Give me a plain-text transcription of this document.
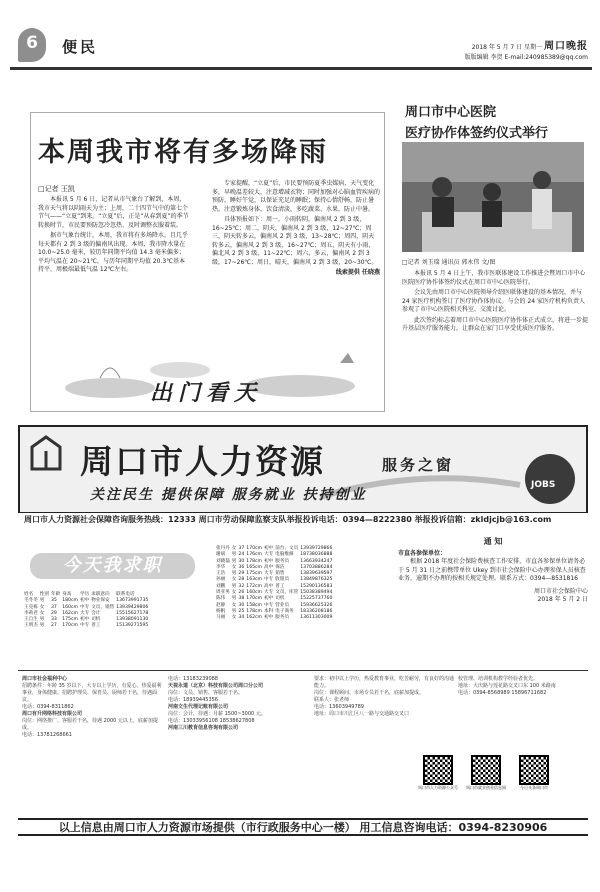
6	便民	2018 年 5 月 7 日 星期一 周口晚报
版版编辑 李贺 E-mail:240985389@qq.com
本周我市将有多场降雨
□记者 王凯

本报讯 5 月 6 日，记者从市气象台了解到，本周，我市天气将以阴雨天为主；上周，二十四节气中的第七个节气——“立夏”到来。“立夏”后，正是“从春到夏”的季节转换时节，市民要预防忽冷忽热、及时调整衣服着装。

据市气象台统计，本周，我市将有多场降水，且几乎每天都有 2 到 3 级的偏南风出现。本周，我市降水量在 10.0~25.0 毫米，较历年同期平均值 14.3 毫米偏多；平均气温在 20~21℃，与历年同期平均值 20.3℃基本持平，周极端最低气温 12℃左右。

专家提醒，“立夏”后，市民要预防夏季虫媒病，天气变化多，早晚温差较大，注意增减衣物；同时加强对心脑血管疾病的预防，睡好午觉，以保证充足的睡眠；保持心情舒畅，防止暑热，注意锻炼身体，饮食清淡，多吃蔬菜、水果，防止中暑。

具体预报如下：周一，小雨转阴，偏南风 2 到 3 级，16~25℃；周二，阴天，偏南风 2 到 3 级，12~27℃；周三，阴天转多云，偏南风 2 到 3 级，13~28℃；周四，阴天转多云，偏南风 2 到 3 级，16~27℃；周五，阴天有小雨，偏北风 2 到 3 级，11~22℃；周六，多云，偏南风 2 到 3 级，17~26℃；周日，晴天，偏南风 2 到 3 级，20~30℃。

线索提供 任晓燕

出门看天
周口市中心医院
医疗协作体签约仪式举行
□记者 刘玉瑞 通讯员 郭永伟 文/图

本报讯 5 月 4 日上午，我市医联体建设工作推进会暨周口市中心医院医疗协作体签约仪式在周口市中心医院举行。

会议先由周口市中心医院领导介绍医联体建设的基本情况，并与 24 家医疗机构签订了医疗协作体协议。与会的 24 家医疗机构负责人参观了市中心医院相关科室，交流讨论。

此次签约标志着周口市中心医院医疗协作体正式成立，将进一步提升基层医疗服务能力，让群众在家门口享受优质医疗服务。

周口市人力资源	服务之窗
关注民生 提供保障 服务就业 扶持创业
JOBS
周口市人力资源社会保障咨询服务热线：12333 周口市劳动保障监察支队举报投诉电话：0394—8222380 举报投诉信箱：zkldjcjb@163.com
今天我求职
姓名	性别	年龄	身高	学历	求职意向	联系电话
毛冬冬	男	35	180cm	初中	物业保安	13673991735
王克栋	女	37	160cm	中专	文员、销售	13939429806
李莉君	女	29	162cm	大专	会计	15515627178
王自生	男	33	175cm	初中	司机	13938091130
王明杰	男	27	170cm	中专	普工	15139271595
张丹丹	女	37	170cm	初中	前台、文员	13939729866
谢斌	男	24	176cm	大专	电脑维修	18738036888
刘晓磊	男	30	178cm	初中	服务员	13663934247
李华	女	36	165cm	高中	保洁	13703886284
王浩	男	29	175cm	大专	销售	13839639597
孙丽	女	28	163cm	中专	收银员	13849876325
刘鹏	男	32	172cm	高中	普工	15290136583
周亚男	女	26	160cm	大专	文员、库管	15038389494
陈伟	男	38	170cm	初中	司机	15225737760
赵静	女	30	158cm	中专	营业员	15936625326
杨帆	男	25	178cm	本科	电子商务	18336208186
马丽	女	34	162cm	初中	服务员	13611303009
通 知

市直各参保单位：

根据 2018 年度社会保险费核查工作安排，市直各参保单位请务必于 5 月 31 日之前携带单位 Ukey 到市社会保险中心办理参保人员核查业务，逾期不办理的按相关规定处理。联系方式：0394—8531816

周口市社会保险中心

2018 年 5 月 2 日

周口市社会福利中心

招聘条件：年龄 35 岁以下，大专以上学历，有爱心、热爱福利事业，身体健康。招聘护理员、保育员、厨师若干名，待遇面议。

电话：0394-8311862

周口有升网络科技有限公司

岗位：网络推广、客服若干名，待遇 2000 元以上，底薪加提成。

电话：13781268661

电话：13183239088

天视永道（北京）科技有限公司周口分公司

岗位：文员、销售、客服若干名。

电话：18939445356

河南文生代理记账有限公司

岗位：会计，待遇：月薪 1500~3000 元。

电话：13033956108 18538627808

河南三川教育信息咨询有限公司

要求：初中以上学历，热爱教育事业，吃苦耐劳，有良好的沟通能力。

岗位：课程顾问、市场专员若干名，底薪加提成。

联系人：张老师

电话：13603949789

地址：周口市川汇区八一路与交通路交叉口

校管理、培训机构教学经验者优先。

地址：大庆路与莲花路交叉口东 100 米路南

电话：0394-8568989 15896711682

周口市人力资源公众号 周口市就业创业信息网	今日头条周口市
以上信息由周口市人力资源市场提供（市行政服务中心一楼） 用工信息咨询电话：0394-8230906
